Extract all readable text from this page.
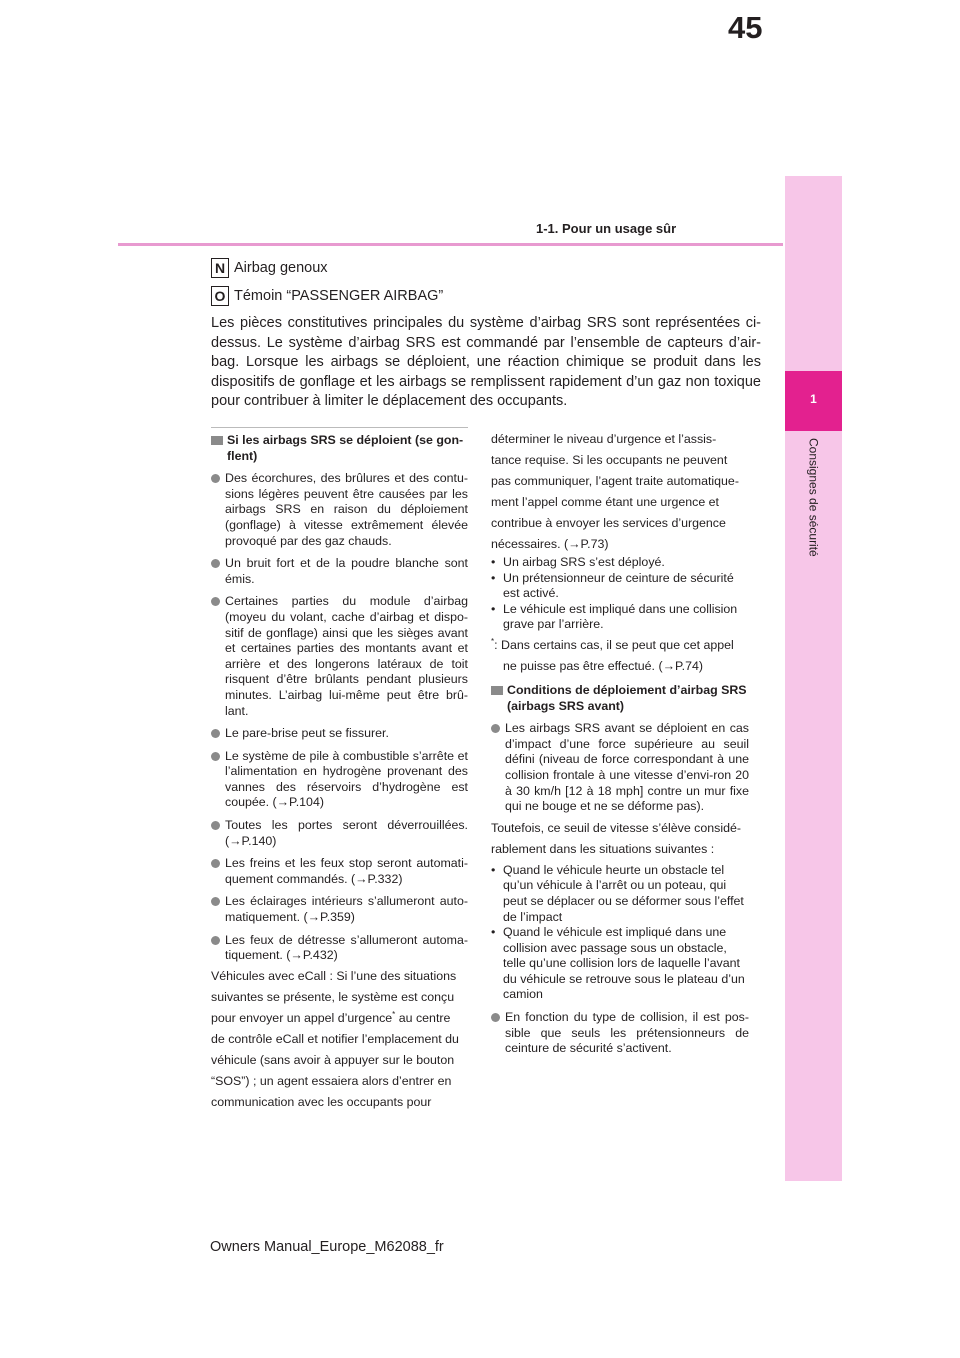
45
1-1. Pour un usage sûr
1
Consignes de sécurité
N Airbag genoux
O Témoin “PASSENGER AIRBAG”
Les pièces constitutives principales du système d’airbag SRS sont représentées ci-dessus. Le système d’airbag SRS est commandé par l’ensemble de capteurs d’air-bag. Lorsque les airbags se déploient, une réaction chimique se produit dans les dispositifs de gonflage et les airbags se remplissent rapidement d’un gaz non toxique pour contribuer à limiter le déplacement des occupants.
Si les airbags SRS se déploient (se gon-flent)
Des écorchures, des brûlures et des contu-sions légères peuvent être causées par les airbags SRS en raison du déploiement (gonflage) à vitesse extrêmement élevée provoqué par des gaz chauds.
Un bruit fort et de la poudre blanche sont émis.
Certaines parties du module d’airbag (moyeu du volant, cache d’airbag et dispo-sitif de gonflage) ainsi que les sièges avant et certaines parties des montants avant et arrière et des longerons latéraux de toit risquent d’être brûlants pendant plusieurs minutes. L’airbag lui-même peut être brû-lant.
Le pare-brise peut se fissurer.
Le système de pile à combustible s’arrête et l’alimentation en hydrogène provenant des vannes des réservoirs d’hydrogène est coupée. (→P.104)
Toutes les portes seront déverrouillées. (→P.140)
Les freins et les feux stop seront automati-quement commandés. (→P.332)
Les éclairages intérieurs s’allumeront auto-matiquement. (→P.359)
Les feux de détresse s’allumeront automa-tiquement. (→P.432)
Véhicules avec eCall : Si l’une des situations
suivantes se présente, le système est conçu
pour envoyer un appel d’urgence* au centre
de contrôle eCall et notifier l’emplacement du
véhicule (sans avoir à appuyer sur le bouton
“SOS”) ; un agent essaiera alors d’entrer en
communication avec les occupants pour
déterminer le niveau d’urgence et l’assis-
tance requise. Si les occupants ne peuvent
pas communiquer, l’agent traite automatique-
ment l’appel comme étant une urgence et
contribue à envoyer les services d’urgence
nécessaires. (→P.73)
• Un airbag SRS s’est déployé.
• Un prétensionneur de ceinture de sécurité est activé.
• Le véhicule est impliqué dans une collision grave par l’arrière.
*: Dans certains cas, il se peut que cet appel
ne puisse pas être effectué. (→P.74)
Conditions de déploiement d’airbag SRS (airbags SRS avant)
Les airbags SRS avant se déploient en cas d’impact d’une force supérieure au seuil défini (niveau de force correspondant à une collision frontale à une vitesse d’envi-ron 20 à 30 km/h [12 à 18 mph] contre un mur fixe qui ne bouge et ne se déforme pas).
Toutefois, ce seuil de vitesse s’élève considé-
rablement dans les situations suivantes :
• Quand le véhicule heurte un obstacle tel qu’un véhicule à l’arrêt ou un poteau, qui peut se déplacer ou se déformer sous l’effet de l’impact
• Quand le véhicule est impliqué dans une collision avec passage sous un obstacle, telle qu’une collision lors de laquelle l’avant du véhicule se retrouve sous le plateau d’un camion
En fonction du type de collision, il est pos-sible que seuls les prétensionneurs de ceinture de sécurité s’activent.
Owners Manual_Europe_M62088_fr
